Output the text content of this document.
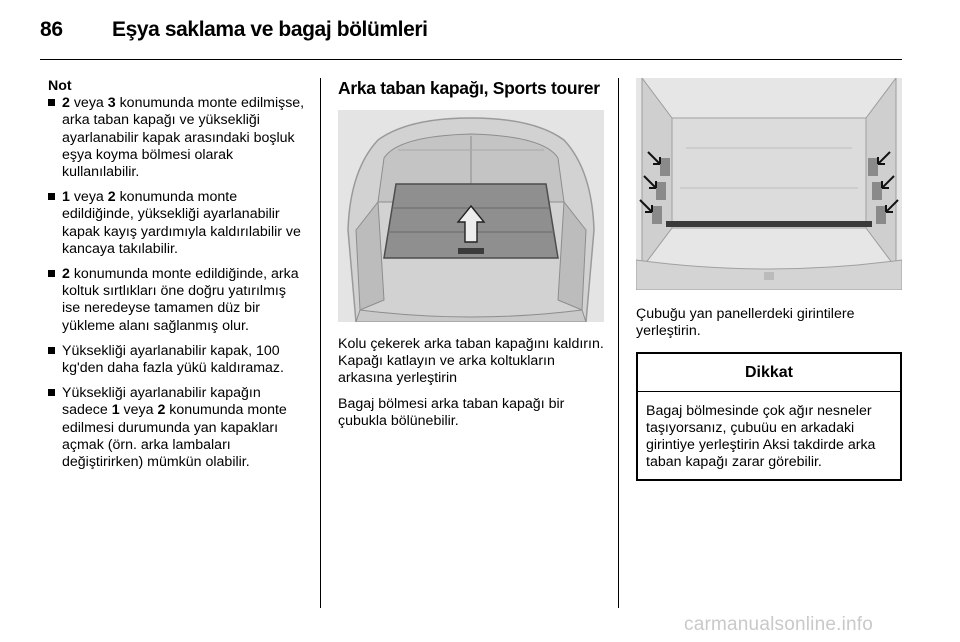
86 Eşya saklama ve bagaj bölümleri
Not
2 veya 3 konumunda monte edilmişse, arka taban kapağı ve yüksekliği ayarlanabilir kapak arasındaki boşluk eşya koyma bölmesi olarak kullanılabilir.
1 veya 2 konumunda monte edildiğinde, yüksekliği ayarlanabilir kapak kayış yardımıyla kaldırılabilir ve kancaya takılabilir.
2 konumunda monte edildiğinde, arka koltuk sırtlıkları öne doğru yatırılmış ise neredeyse tamamen düz bir yükleme alanı sağlanmış olur.
Yüksekliği ayarlanabilir kapak, 100 kg'den daha fazla yükü kaldıramaz.
Yüksekliği ayarlanabilir kapağın sadece 1 veya 2 konumunda monte edilmesi durumunda yan kapakları açmak (örn. arka lambaları değiştirirken) mümkün olabilir.
Arka taban kapağı, Sports tourer

Kolu çekerek arka taban kapağını kaldırın. Kapağı katlayın ve arka koltukların arkasına yerleştirin

Bagaj bölmesi arka taban kapağı bir çubukla bölünebilir.

Çubuğu yan panellerdeki girintilere yerleştirin.

Dikkat
Bagaj bölmesinde çok ağır nesneler taşıyorsanız, çubuüu en arkadaki girintiye yerleştirin Aksi takdirde arka taban kapağı zarar görebilir.
carmanualsonline.info
